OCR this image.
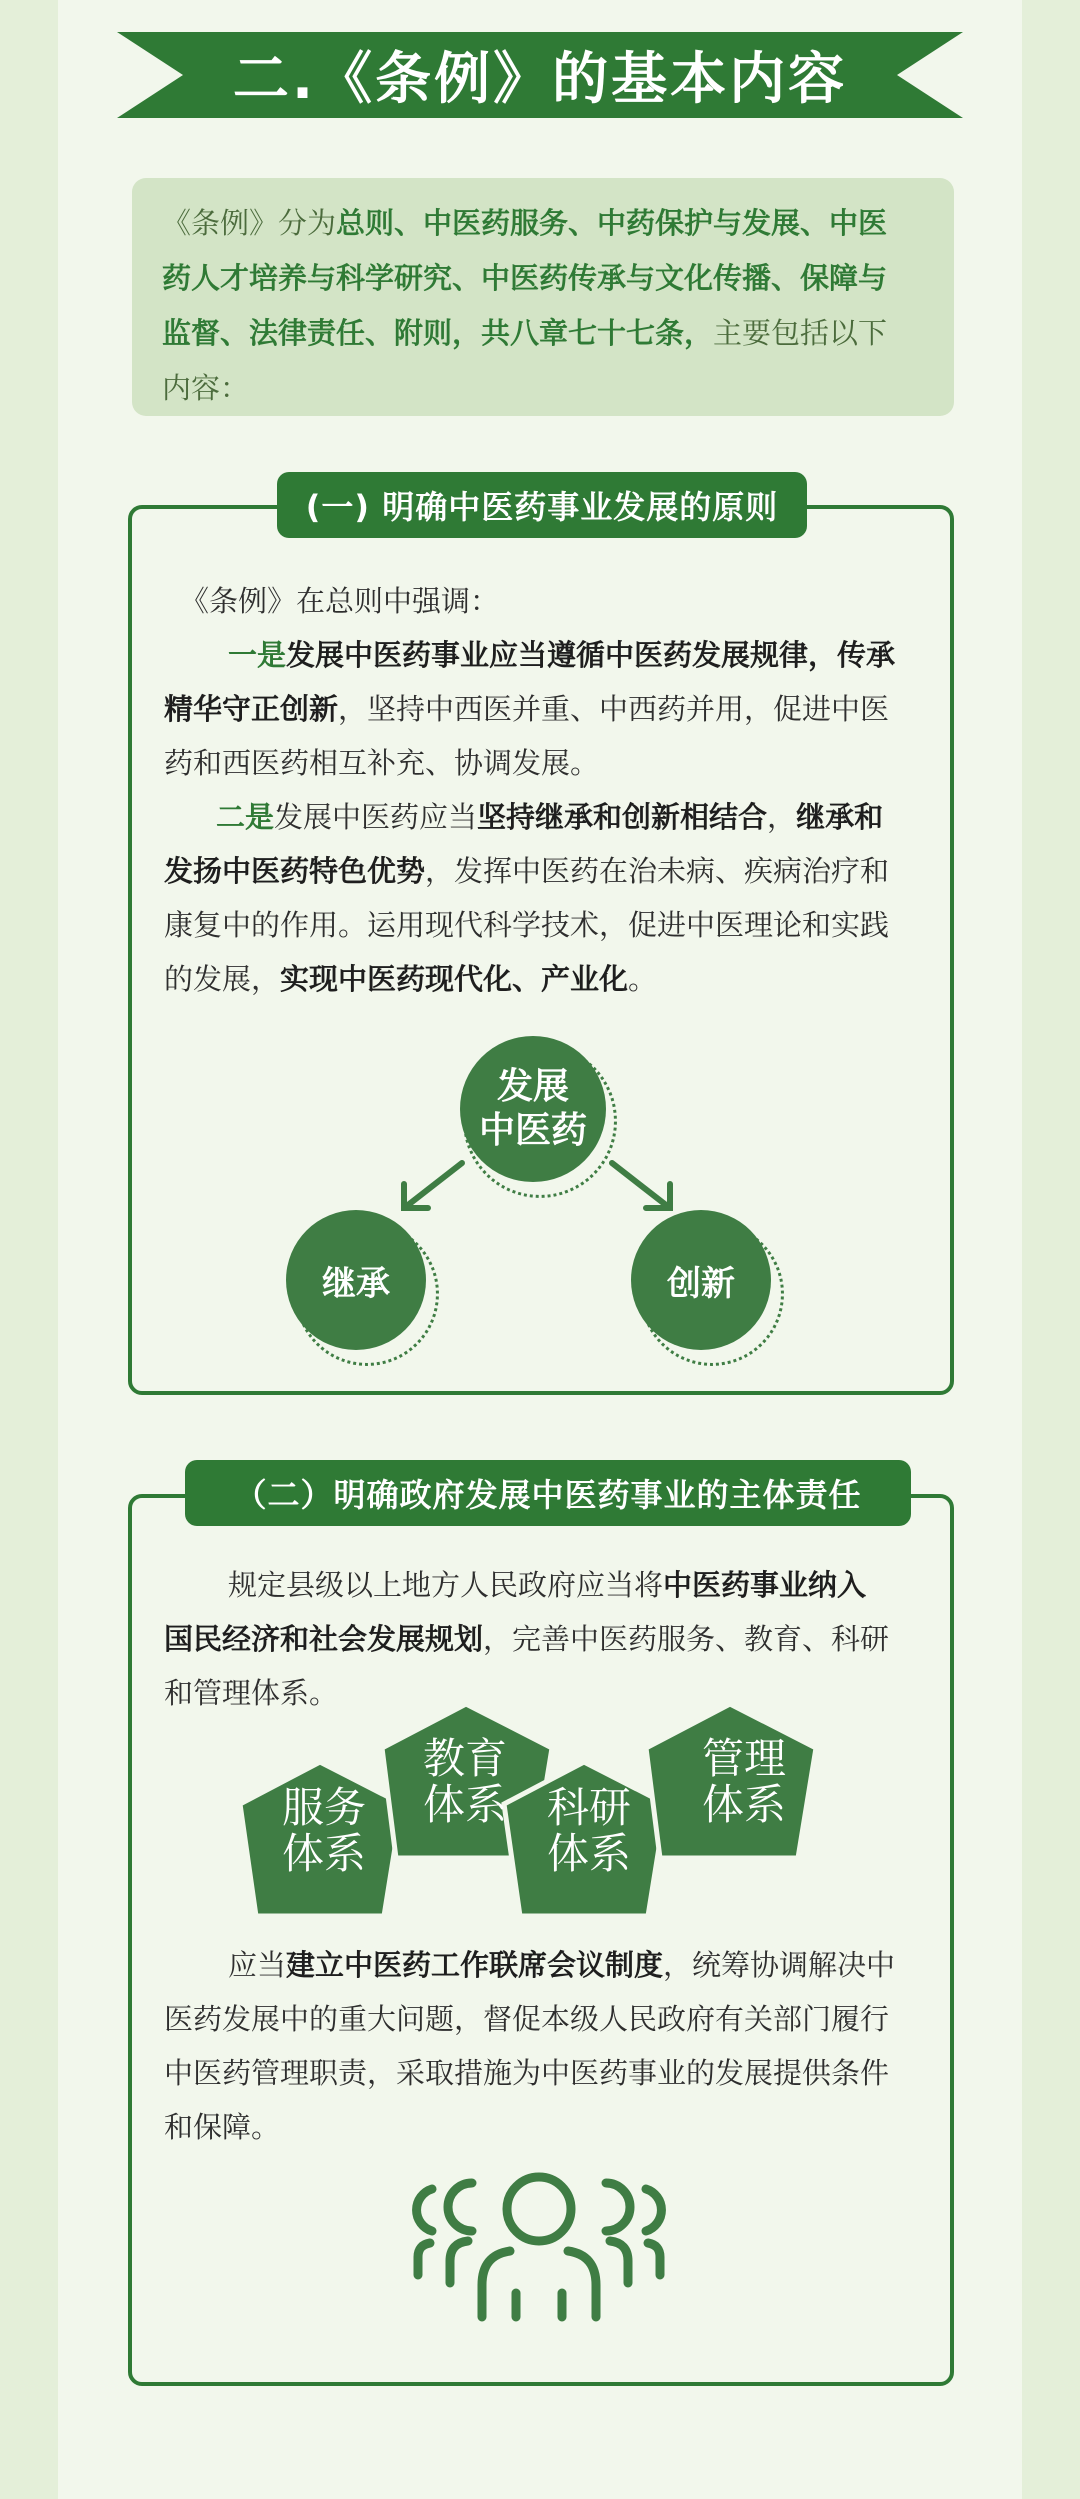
二.《条例》的基本内容
《条例》分为总则、中医药服务、中药保护与发展、中医
药人才培养与科学研究、中医药传承与文化传播、保障与
监督、法律责任、附则，共八章七十七条，主要包括以下
内容：
(一) 明确中医药事业发展的原则
《条例》在总则中强调：
一是发展中医药事业应当遵循中医药发展规律，传承
精华守正创新，坚持中西医并重、中西药并用，促进中医
药和西医药相互补充、协调发展。
二是发展中医药应当坚持继承和创新相结合，继承和
发扬中医药特色优势，发挥中医药在治未病、疾病治疗和
康复中的作用。运用现代科学技术，促进中医理论和实践
的发展，实现中医药现代化、产业化。
发展
中医药
继承	创新
（二）明确政府发展中医药事业的主体责任
规定县级以上地方人民政府应当将中医药事业纳入
国民经济和社会发展规划，完善中医药服务、教育、科研
和管理体系。
服务
体系
教育
体系 科研
体系
管理
体系
应当建立中医药工作联席会议制度，统筹协调解决中
医药发展中的重大问题，督促本级人民政府有关部门履行
中医药管理职责，采取措施为中医药事业的发展提供条件
和保障。
